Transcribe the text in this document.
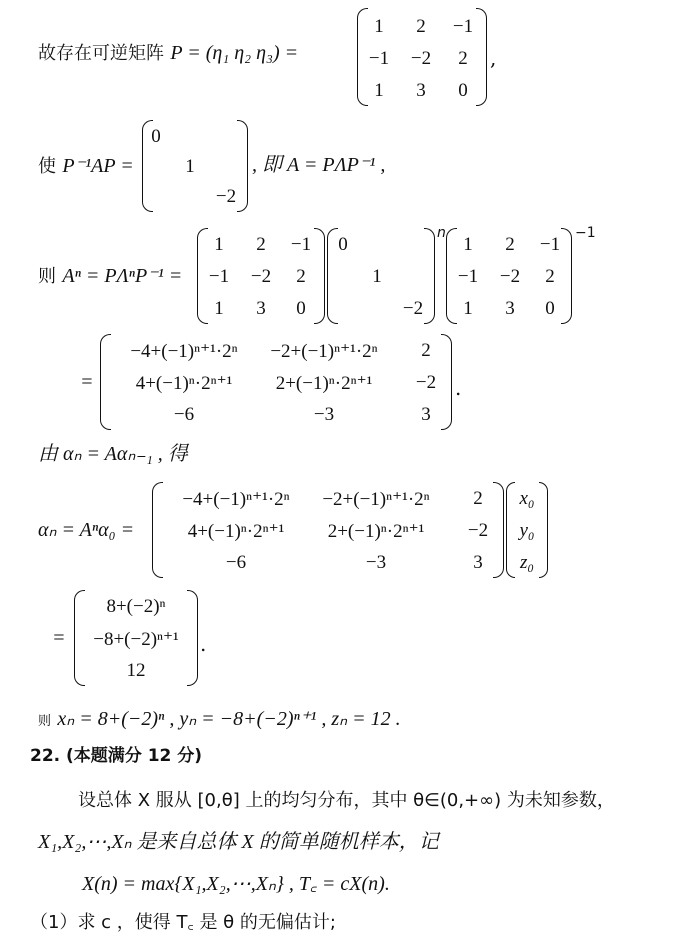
故存在可逆矩阵 P = (η₁ η₂ η₃) =
1 2 −1
−1 −2 2
1 3 0
,
使 P⁻¹AP =
0
1
−2
, 即 A = PΛP⁻¹ ,
则 Aⁿ = PΛⁿP⁻¹ =
1 2 −1
−1 −2 2
1 3 0
0
1
−2
n
1 2 −1
−1 −2 2
1 3 0
−1
=
−4+(−1)ⁿ⁺¹·2ⁿ −2+(−1)ⁿ⁺¹·2ⁿ 2
4+(−1)ⁿ·2ⁿ⁺¹ 2+(−1)ⁿ·2ⁿ⁺¹ −2
−6	−3	3
.
由 αₙ = Aαₙ₋₁ , 得
αₙ = Aⁿα₀ =
−4+(−1)ⁿ⁺¹·2ⁿ −2+(−1)ⁿ⁺¹·2ⁿ 2
4+(−1)ⁿ·2ⁿ⁺¹ 2+(−1)ⁿ·2ⁿ⁺¹ −2
−6	−3	3
x₀
y₀
z₀
=
8+(−2)ⁿ
−8+(−2)ⁿ⁺¹
12
.
则 xₙ = 8+(−2)ⁿ , yₙ = −8+(−2)ⁿ⁺¹ , zₙ = 12 .
22. (本题满分 12 分)
设总体 X 服从 [0,θ] 上的均匀分布，其中 θ∈(0,+∞) 为未知参数，
X₁,X₂,⋯,Xₙ 是来自总体 X 的简单随机样本，记
X(n) = max{X₁,X₂,⋯,Xₙ} , T꜀ = cX(n).
（1）求 c ，使得 T꜀ 是 θ 的无偏估计;
